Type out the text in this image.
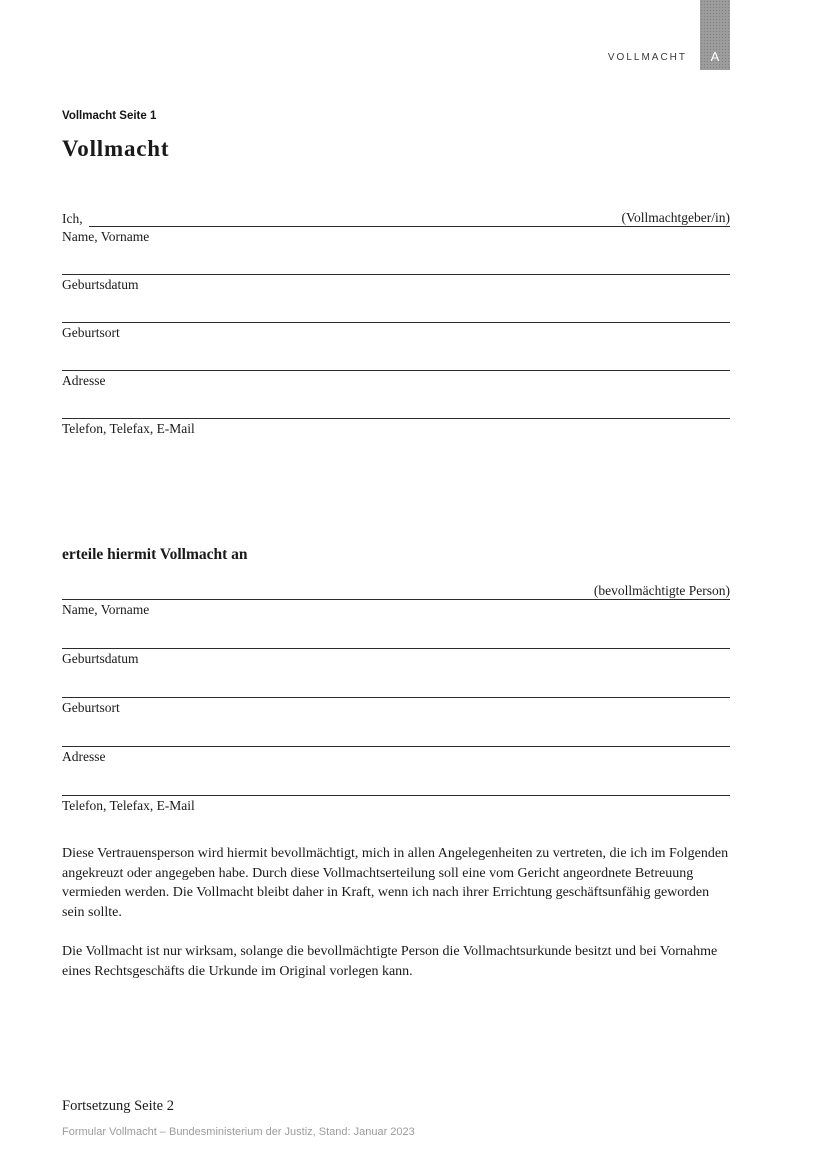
A
VOLLMACHT
Vollmacht Seite 1
Vollmacht
Ich,	(Vollmachtgeber/in)
Name, Vorname
Geburtsdatum
Geburtsort
Adresse
Telefon, Telefax, E-Mail
erteile hiermit Vollmacht an
(bevollmächtigte Person)
Name, Vorname
Geburtsdatum
Geburtsort
Adresse
Telefon, Telefax, E-Mail

Diese Vertrauensperson wird hiermit bevollmächtigt, mich in allen Angelegenheiten zu vertreten, die ich im Folgenden angekreuzt oder angegeben habe. Durch diese Vollmachtserteilung soll eine vom Gericht angeordnete Betreuung vermieden werden. Die Vollmacht bleibt daher in Kraft, wenn ich nach ihrer Errichtung geschäftsunfähig geworden sein sollte.

Die Vollmacht ist nur wirksam, solange die bevollmächtigte Person die Vollmachtsurkunde besitzt und bei Vornahme eines Rechtsgeschäfts die Urkunde im Original vorlegen kann.

Fortsetzung Seite 2
Formular Vollmacht – Bundesministerium der Justiz, Stand: Januar 2023
